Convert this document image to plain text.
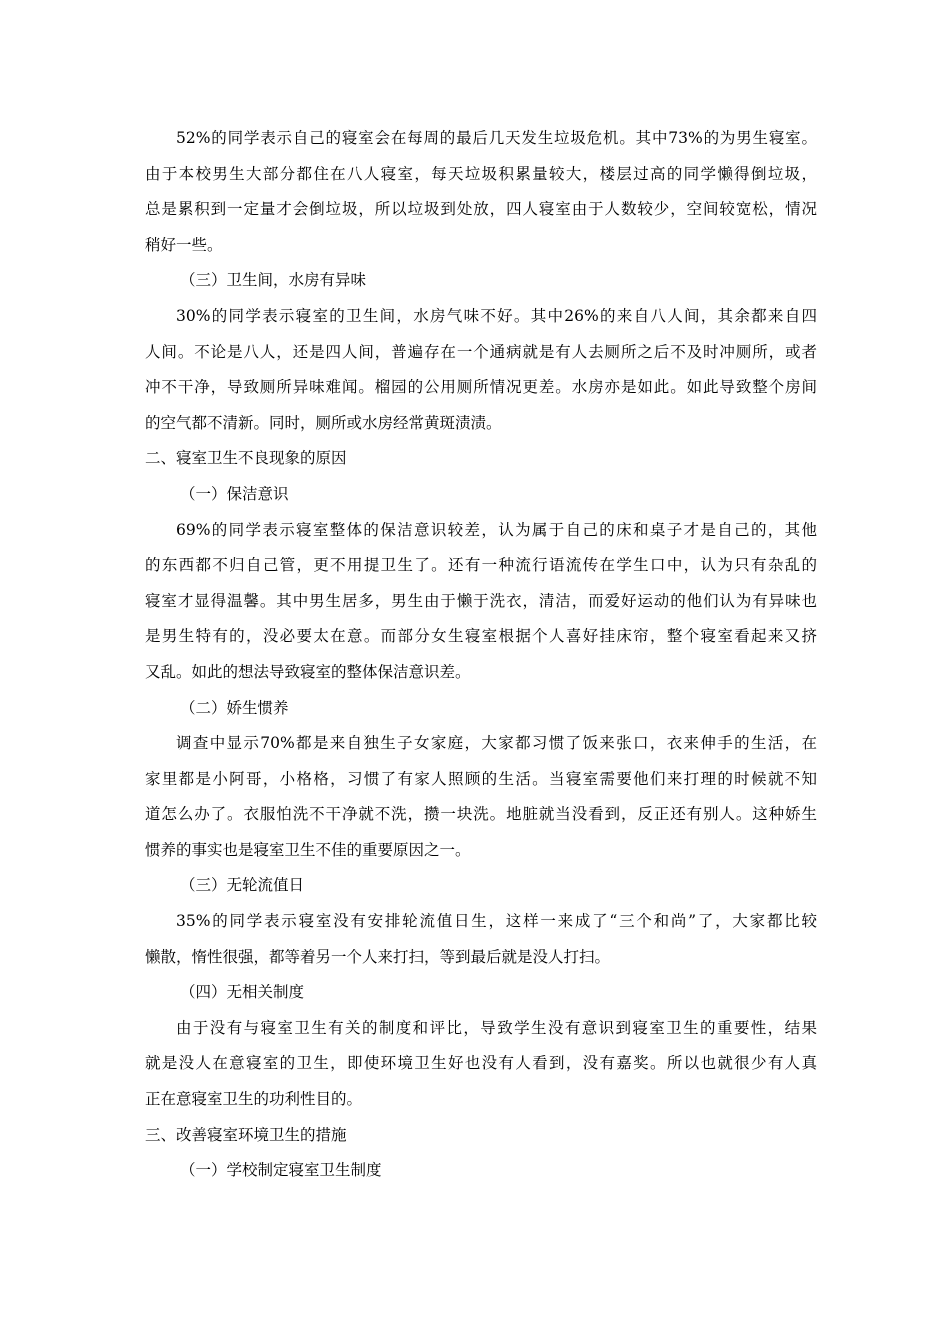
52%的同学表示自己的寝室会在每周的最后几天发生垃圾危机。其中73%的为男生寝室。
由于本校男生大部分都住在八人寝室，每天垃圾积累量较大，楼层过高的同学懒得倒垃圾，
总是累积到一定量才会倒垃圾，所以垃圾到处放，四人寝室由于人数较少，空间较宽松，情况
稍好一些。
（三）卫生间，水房有异味
30%的同学表示寝室的卫生间，水房气味不好。其中26%的来自八人间，其余都来自四
人间。不论是八人，还是四人间，普遍存在一个通病就是有人去厕所之后不及时冲厕所，或者
冲不干净，导致厕所异味难闻。榴园的公用厕所情况更差。水房亦是如此。如此导致整个房间
的空气都不清新。同时，厕所或水房经常黄斑渍渍。
二、寝室卫生不良现象的原因
（一）保洁意识
69%的同学表示寝室整体的保洁意识较差，认为属于自己的床和桌子才是自己的，其他
的东西都不归自己管，更不用提卫生了。还有一种流行语流传在学生口中，认为只有杂乱的
寝室才显得温馨。其中男生居多，男生由于懒于洗衣，清洁，而爱好运动的他们认为有异味也
是男生特有的，没必要太在意。而部分女生寝室根据个人喜好挂床帘，整个寝室看起来又挤
又乱。如此的想法导致寝室的整体保洁意识差。
（二）娇生惯养
调查中显示70%都是来自独生子女家庭，大家都习惯了饭来张口，衣来伸手的生活，在
家里都是小阿哥，小格格，习惯了有家人照顾的生活。当寝室需要他们来打理的时候就不知
道怎么办了。衣服怕洗不干净就不洗，攒一块洗。地脏就当没看到，反正还有别人。这种娇生
惯养的事实也是寝室卫生不佳的重要原因之一。
（三）无轮流值日
35%的同学表示寝室没有安排轮流值日生，这样一来成了“三个和尚”了，大家都比较
懒散，惰性很强，都等着另一个人来打扫，等到最后就是没人打扫。
（四）无相关制度
由于没有与寝室卫生有关的制度和评比，导致学生没有意识到寝室卫生的重要性，结果
就是没人在意寝室的卫生，即使环境卫生好也没有人看到，没有嘉奖。所以也就很少有人真
正在意寝室卫生的功利性目的。
三、改善寝室环境卫生的措施
（一）学校制定寝室卫生制度
